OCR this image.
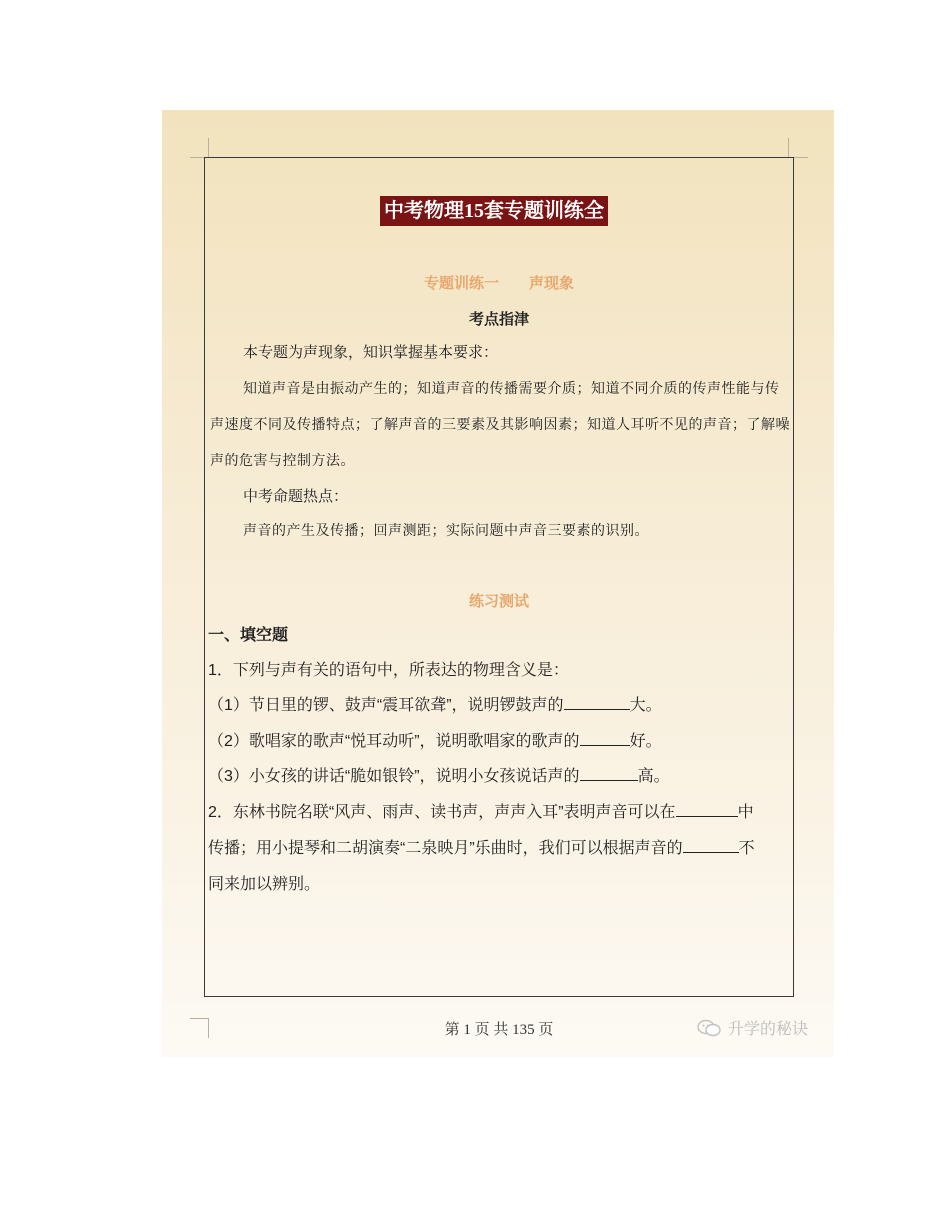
中考物理15套专题训练全
专题训练一 声现象
考点指津
本专题为声现象，知识掌握基本要求：
知道声音是由振动产生的；知道声音的传播需要介质；知道不同介质的传声性能与传声速度不同及传播特点；了解声音的三要素及其影响因素；知道人耳听不见的声音；了解噪声的危害与控制方法。
中考命题热点：
声音的产生及传播；回声测距；实际问题中声音三要素的识别。
练习测试
一、填空题
1．下列与声有关的语句中，所表达的物理含义是：
（1）节日里的锣、鼓声“震耳欲聋”，说明锣鼓声的	大。
（2）歌唱家的歌声“悦耳动听”，说明歌唱家的歌声的	好。
（3）小女孩的讲话“脆如银铃”，说明小女孩说话声的	高。
2．东林书院名联“风声、雨声、读书声，声声入耳”表明声音可以在	中
传播；用小提琴和二胡演奏“二泉映月”乐曲时，我们可以根据声音的	不
同来加以辨别。
第 1 页 共 135 页	升学的秘诀
